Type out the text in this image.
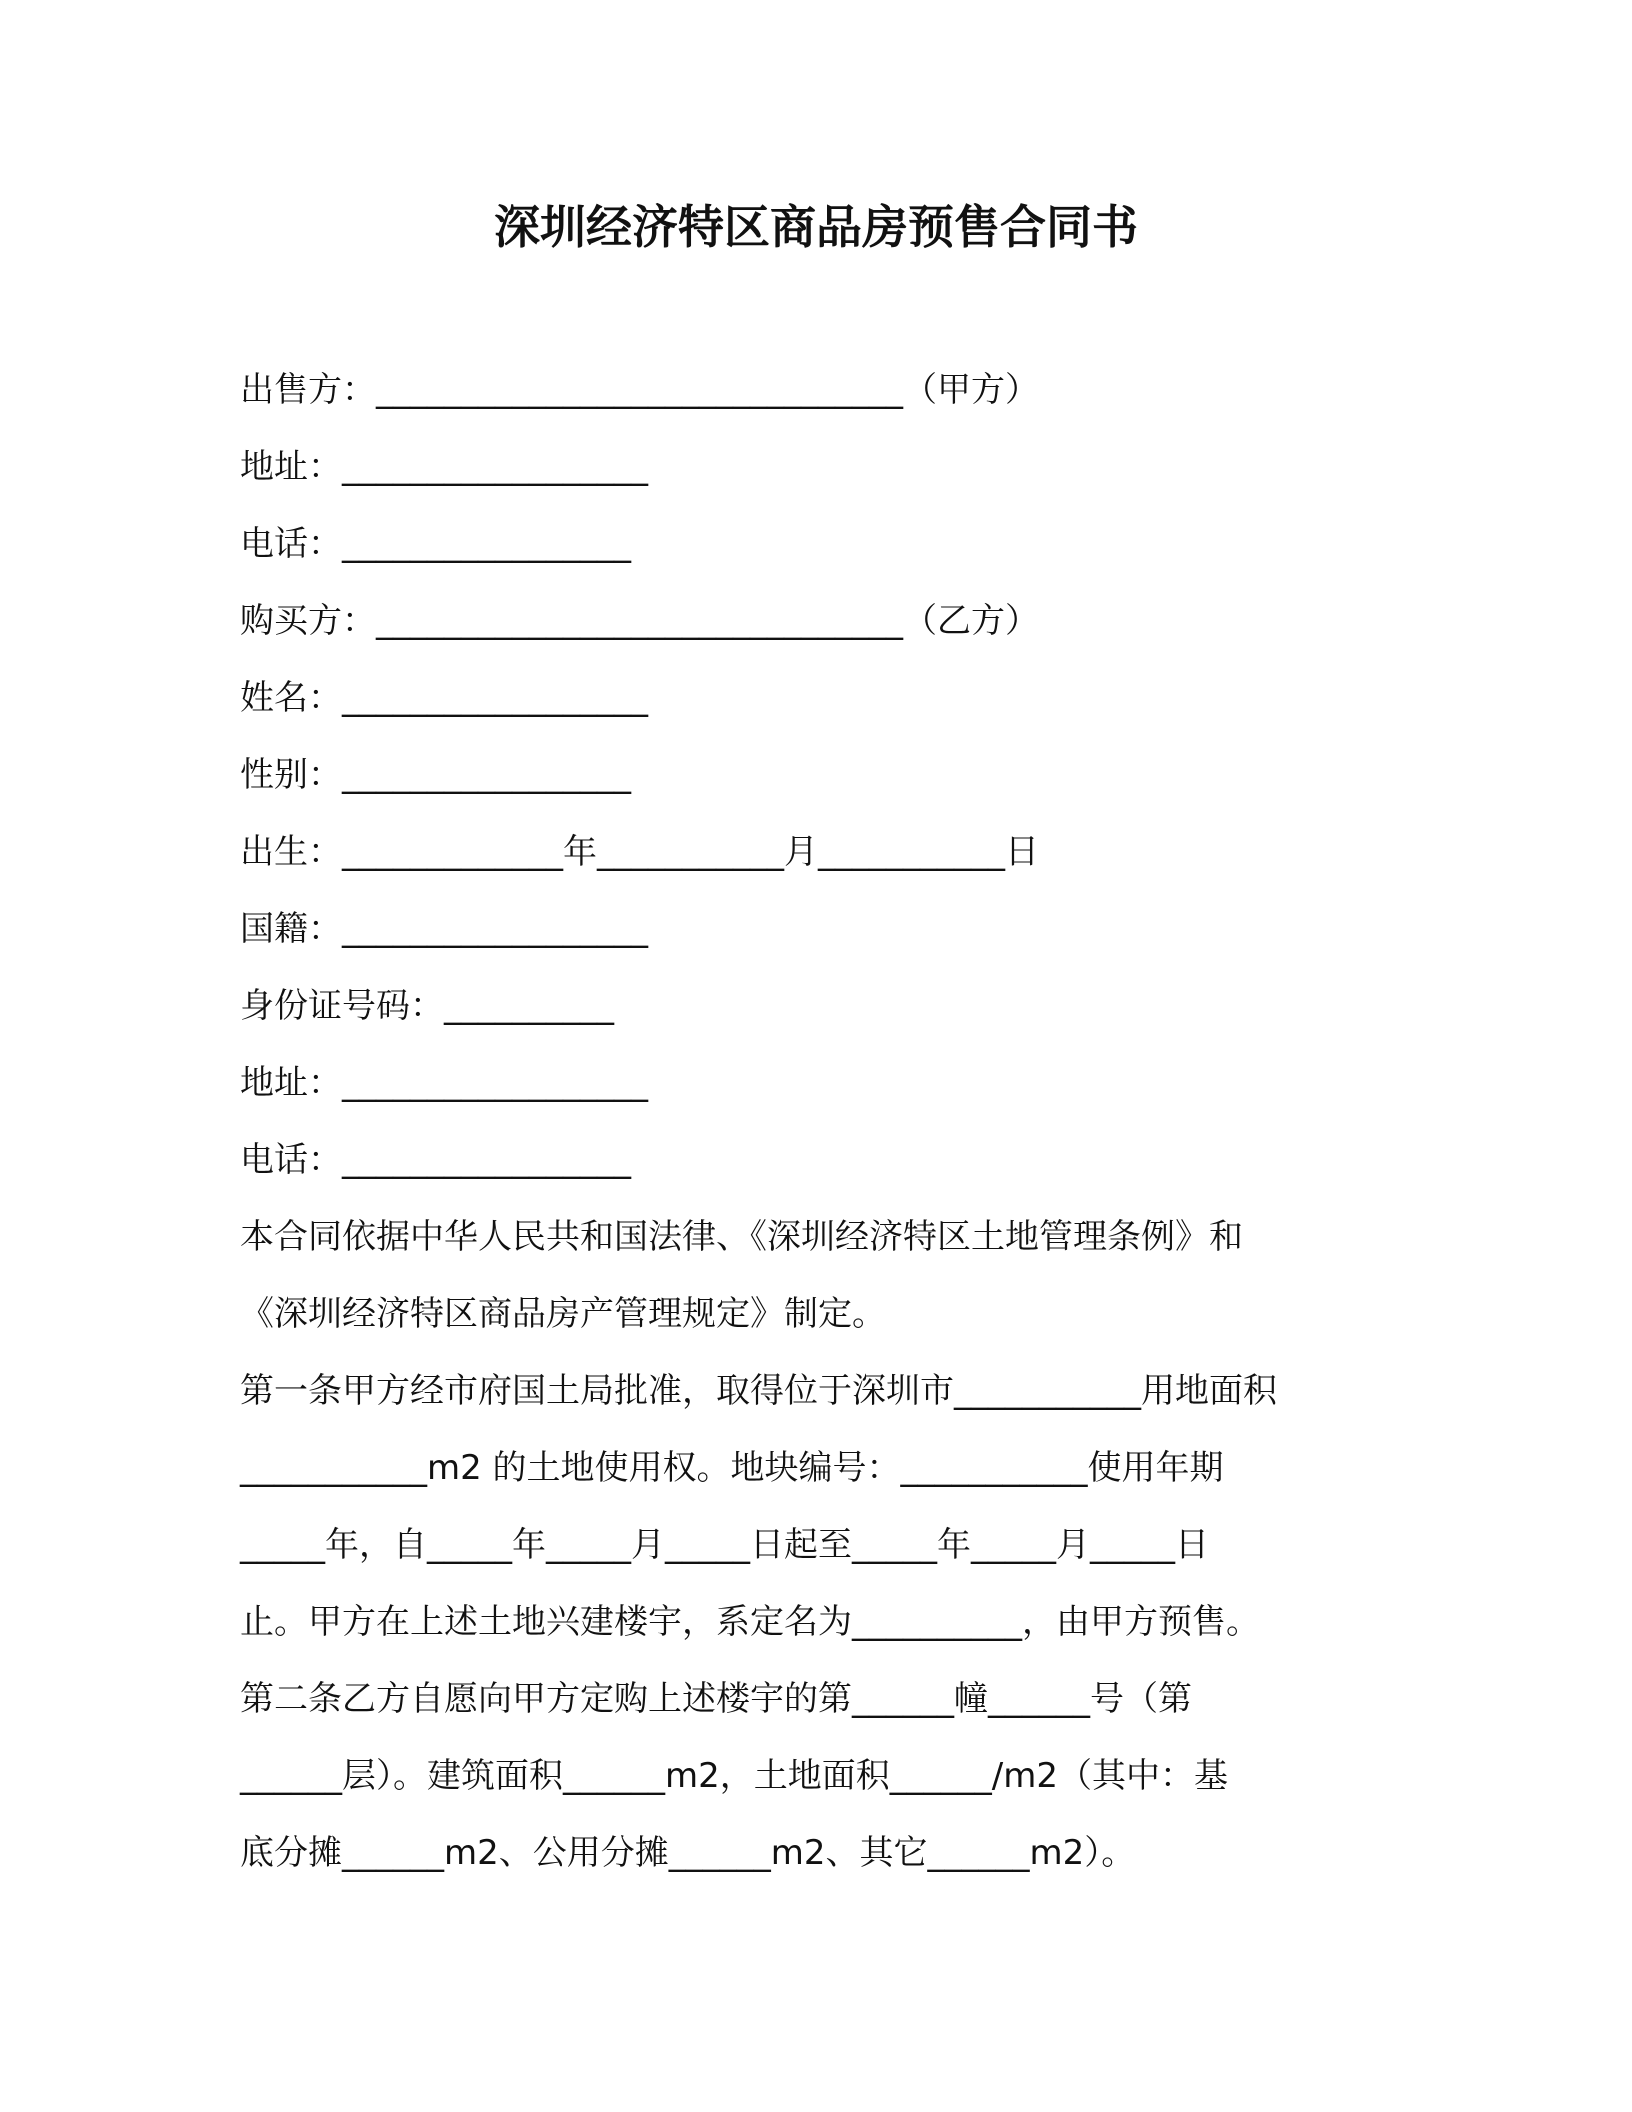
深圳经济特区商品房预售合同书
出售方：_______________________________（甲方）
地址：__________________
电话：_________________
购买方：_______________________________（乙方）
姓名：__________________
性别：_________________
出生：_____________年___________月___________日
国籍：__________________
身份证号码：__________
地址：__________________
电话：_________________
本合同依据中华人民共和国法律、《深圳经济特区土地管理条例》和
《深圳经济特区商品房产管理规定》制定。
第一条甲方经市府国土局批准，取得位于深圳市___________用地面积
___________m2 的土地使用权。地块编号：___________使用年期
_____年，自_____年_____月_____日起至_____年_____月_____日
止。甲方在上述土地兴建楼宇，系定名为__________，由甲方预售。
第二条乙方自愿向甲方定购上述楼宇的第______幢______号（第
______层）。建筑面积______m2，土地面积______/m2（其中：基
底分摊______m2、公用分摊______m2、其它______m2）。
